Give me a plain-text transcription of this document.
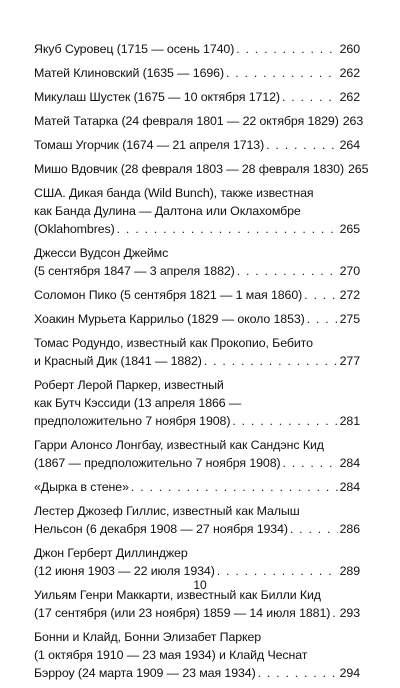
Якуб Суровец (1715 — осень 1740) . . .	260
Матей Клиновский (1635 — 1696) . . .	262
Микулаш Шустек (1675 — 10 октября 1712) . . .	262
Матей Татарка (24 февраля 1801 — 22 октября 1829) 263
Томаш Угорчик (1674 — 21 апреля 1713) . . .	264
Мишо Вдовчик (28 февраля 1803 — 28 февраля 1830) 265
США. Дикая банда (Wild Bunch), также известная
как Банда Дулина — Далтона или Оклахомбре
(Oklahombres) . . .	265
Джесси Вудсон Джеймс
(5 сентября 1847 — 3 апреля 1882) . . .	270
Соломон Пико (5 сентября 1821 — 1 мая 1860) . . .	272
Хоакин Мурьета Каррильо (1829 — около 1853) . . .	275
Томас Родундо, известный как Прокопио, Бебито
и Красный Дик (1841 — 1882) . . .	277
Роберт Лерой Паркер, известный
как Бутч Кэссиди (13 апреля 1866 —
предположительно 7 ноября 1908) . . .	281
Гарри Алонсо Лонгбау, известный как Сандэнс Кид
(1867 — предположительно 7 ноября 1908) . . .	284
«Дырка в стене» . . .	284
Лестер Джозеф Гиллис, известный как Малыш
Нельсон (6 декабря 1908 — 27 ноября 1934) . . .	286
Джон Герберт Диллинджер
(12 июня 1903 — 22 июля 1934) . . .	289
Уильям Генри Маккарти, известный как Билли Кид
(17 сентября (или 23 ноября) 1859 — 14 июля 1881) . . . 293
Бонни и Клайд, Бонни Элизабет Паркер
(1 октября 1910 — 23 мая 1934) и Клайд Чеснат
Бэрроу (24 марта 1909 — 23 мая 1934) . . .	294
10
